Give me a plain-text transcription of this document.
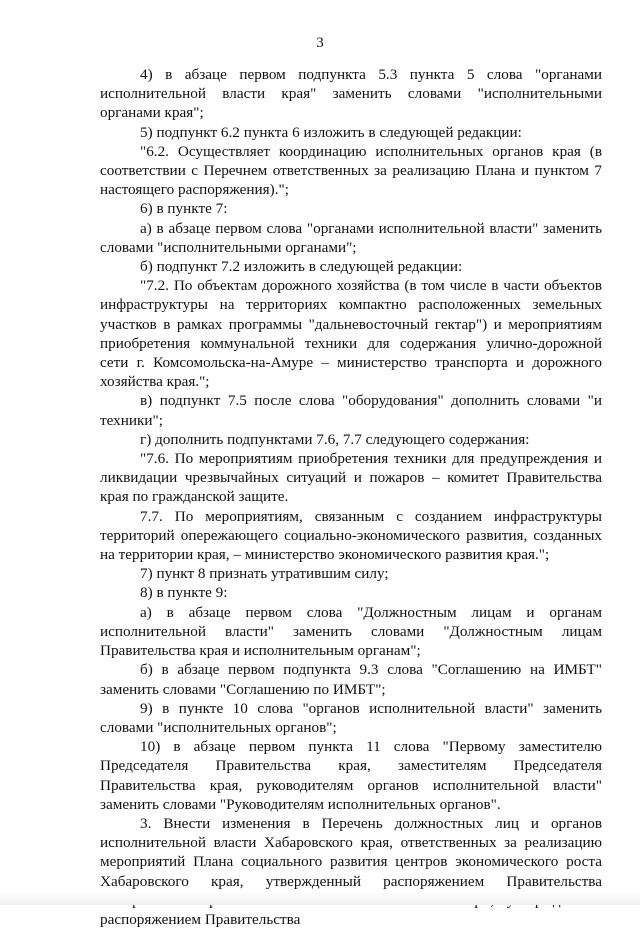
3

4) в абзаце первом подпункта 5.3 пункта 5 слова "органами исполнительной власти края" заменить словами "исполнительными органами края";

5) подпункт 6.2 пункта 6 изложить в следующей редакции:

"6.2. Осуществляет координацию исполнительных органов края (в соответствии с Перечнем ответственных за реализацию Плана и пунктом 7 настоящего распоряжения).";

6) в пункте 7:

а) в абзаце первом слова "органами исполнительной власти" заменить словами "исполнительными органами";

б) подпункт 7.2 изложить в следующей редакции:

"7.2. По объектам дорожного хозяйства (в том числе в части объектов инфраструктуры на территориях компактно расположенных земельных участков в рамках программы "дальневосточный гектар") и мероприятиям приобретения коммунальной техники для содержания улично-дорожной сети г. Комсомольска-на-Амуре – министерство транспорта и дорожного хозяйства края.";

в) подпункт 7.5 после слова "оборудования" дополнить словами "и техники";

г) дополнить подпунктами 7.6, 7.7 следующего содержания:

"7.6. По мероприятиям приобретения техники для предупреждения и ликвидации чрезвычайных ситуаций и пожаров – комитет Правительства края по гражданской защите.

7.7. По мероприятиям, связанным с созданием инфраструктуры территорий опережающего социально-экономического развития, созданных на территории края, – министерство экономического развития края.";

7) пункт 8 признать утратившим силу;

8) в пункте 9:

а) в абзаце первом слова "Должностным лицам и органам исполнительной власти" заменить словами "Должностным лицам Правительства края и исполнительным органам";

б) в абзаце первом подпункта 9.3 слова "Соглашению на ИМБТ" заменить словами "Соглашению по ИМБТ";

9) в пункте 10 слова "органов исполнительной власти" заменить словами "исполнительных органов";

10) в абзаце первом пункта 11 слова "Первому заместителю Председателя Правительства края, заместителям Председателя Правительства края, руководителям органов исполнительной власти" заменить словами "Руководителям исполнительных органов".

3. Внести изменения в Перечень должностных лиц и органов исполнительной власти Хабаровского края, ответственных за реализацию мероприятий Плана социального развития центров экономического роста Хабаровского края, утвержденный распоряжением Правительства распоряжением Правительства
